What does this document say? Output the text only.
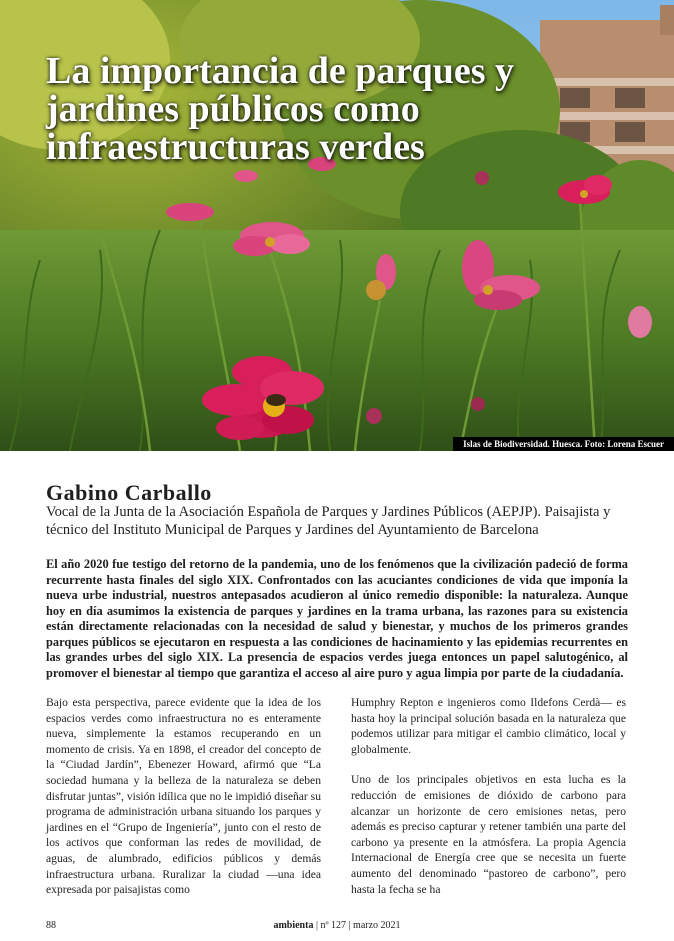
La importancia de parques y jardines públicos como infraestructuras verdes
Islas de Biodiversidad. Huesca. Foto: Lorena Escuer
Gabino Carballo

Vocal de la Junta de la Asociación Española de Parques y Jardines Públicos (AEPJP). Paisajista y técnico del Instituto Municipal de Parques y Jardines del Ayuntamiento de Barcelona

El año 2020 fue testigo del retorno de la pandemia, uno de los fenómenos que la civilización padeció de forma recurrente hasta finales del siglo XIX. Confrontados con las acuciantes condiciones de vida que imponía la nueva urbe industrial, nuestros antepasados acudieron al único remedio disponible: la naturaleza. Aunque hoy en día asumimos la existencia de parques y jardines en la trama urbana, las razones para su existencia están directamente relacionadas con la necesidad de salud y bienestar, y muchos de los primeros grandes parques públicos se ejecutaron en respuesta a las condiciones de hacinamiento y las epidemias recurrentes en las grandes urbes del siglo XIX. La presencia de espacios verdes juega entonces un papel salutogénico, al promover el bienestar al tiempo que garantiza el acceso al aire puro y agua limpia por parte de la ciudadanía.

Bajo esta perspectiva, parece evidente que la idea de los espacios verdes como infraestructura no es enteramente nueva, simplemente la estamos recuperando en un momento de crisis. Ya en 1898, el creador del concepto de la “Ciudad Jardín”, Ebenezer Howard, afirmó que “La sociedad humana y la belleza de la naturaleza se deben disfrutar juntas”, visión idílica que no le impidió diseñar su programa de administración urbana situando los parques y jardines en el “Grupo de Ingeniería”, junto con el resto de los activos que conforman las redes de movilidad, de aguas, de alumbrado, edificios públicos y demás infraestructura urbana. Ruralizar la ciudad —una idea expresada por paisajistas como

Humphry Repton e ingenieros como Ildefons Cerdà— es hasta hoy la principal solución basada en la naturaleza que podemos utilizar para mitigar el cambio climático, local y globalmente.

Uno de los principales objetivos en esta lucha es la reducción de emisiones de dióxido de carbono para alcanzar un horizonte de cero emisiones netas, pero además es preciso capturar y retener también una parte del carbono ya presente en la atmósfera. La propia Agencia Internacional de Energía cree que se necesita un fuerte aumento del denominado “pastoreo de carbono”, pero hasta la fecha se ha

88	ambienta | nº 127 | marzo 2021
